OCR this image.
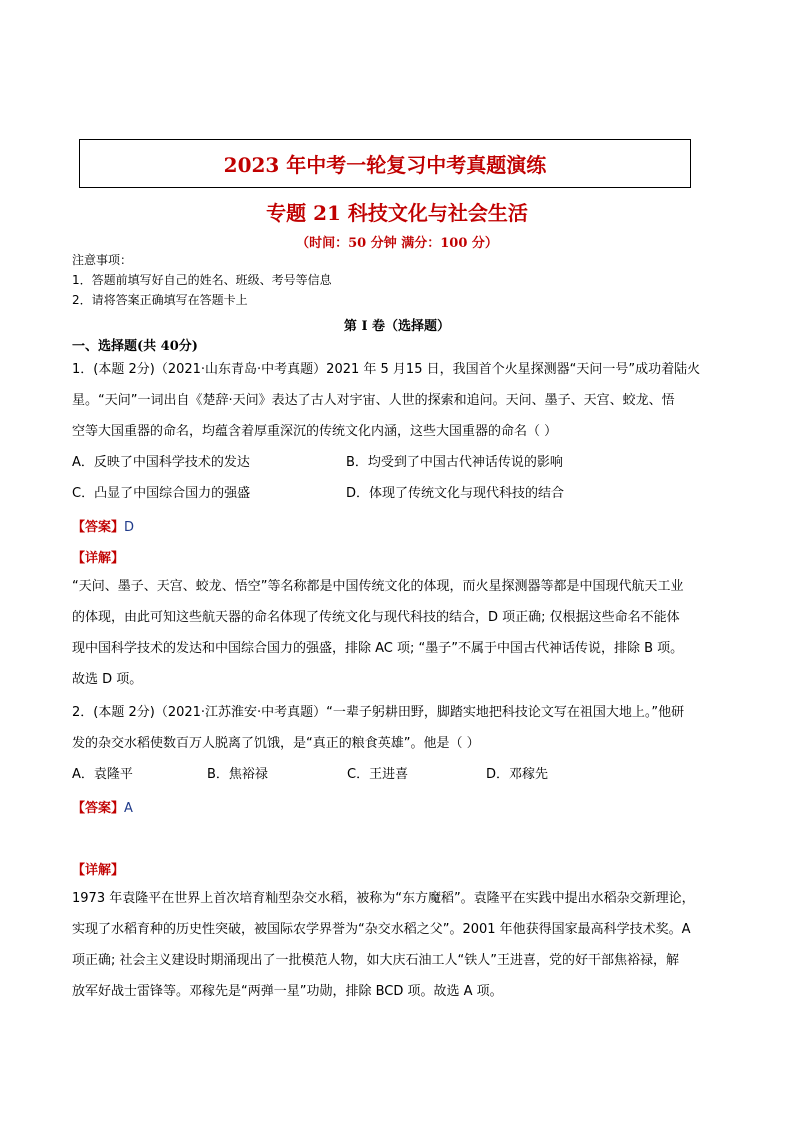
2023 年中考一轮复习中考真题演练
专题 21 科技文化与社会生活
（时间：50 分钟 满分：100 分）
注意事项：
1．答题前填写好自己的姓名、班级、考号等信息
2．请将答案正确填写在答题卡上
第 I 卷（选择题）
一、选择题(共 40分)
1．(本题 2分)（2021·山东青岛·中考真题）2021 年 5 月15 日，我国首个火星探测器“天问一号”成功着陆火
星。“天问”一词出自《楚辞·天问》表达了古人对宇宙、人世的探索和追问。天问、墨子、天宫、蛟龙、悟
空等大国重器的命名，均蕴含着厚重深沉的传统文化内涵，这些大国重器的命名（ ）
A．反映了中国科学技术的发达	B．均受到了中国古代神话传说的影响
C．凸显了中国综合国力的强盛	D．体现了传统文化与现代科技的结合
【答案】D
【详解】
“天问、墨子、天宫、蛟龙、悟空”等名称都是中国传统文化的体现，而火星探测器等都是中国现代航天工业
的体现，由此可知这些航天器的命名体现了传统文化与现代科技的结合，D 项正确; 仅根据这些命名不能体
现中国科学技术的发达和中国综合国力的强盛，排除 AC 项; “墨子”不属于中国古代神话传说，排除 B 项。
故选 D 项。
2．(本题 2分)（2021·江苏淮安·中考真题）“一辈子躬耕田野，脚踏实地把科技论文写在祖国大地上。”他研
发的杂交水稻使数百万人脱离了饥饿，是“真正的粮食英雄”。他是（ ）
A．袁隆平	B．焦裕禄	C．王进喜	D．邓稼先
【答案】A
【详解】
1973 年袁隆平在世界上首次培育籼型杂交水稻，被称为“东方魔稻”。袁隆平在实践中提出水稻杂交新理论，
实现了水稻育种的历史性突破，被国际农学界誉为“杂交水稻之父”。2001 年他获得国家最高科学技术奖。A
项正确; 社会主义建设时期涌现出了一批模范人物，如大庆石油工人“铁人”王进喜，党的好干部焦裕禄，解
放军好战士雷锋等。邓稼先是“两弹一星”功勋，排除 BCD 项。故选 A 项。
